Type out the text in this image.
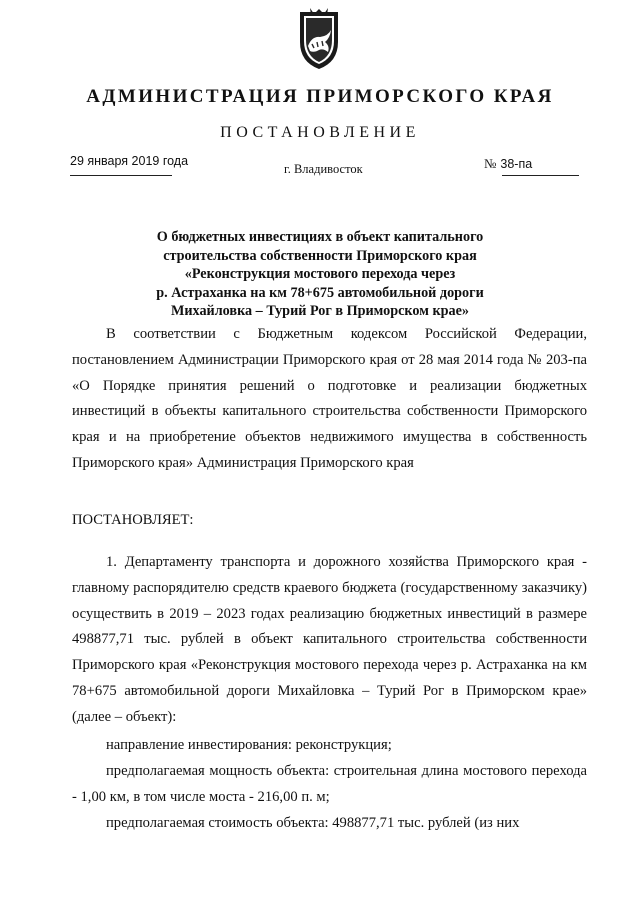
АДМИНИСТРАЦИЯ ПРИМОРСКОГО КРАЯ
ПОСТАНОВЛЕНИЕ
29 января 2019 года
г. Владивосток	№ 38-па
О бюджетных инвестициях в объект капитального
строительства собственности Приморского края
«Реконструкция мостового перехода через
р. Астраханка на км 78+675 автомобильной дороги
Михайловка – Турий Рог в Приморском крае»
В соответствии с Бюджетным кодексом Российской Федерации, постановлением Администрации Приморского края от 28 мая 2014 года № 203-па «О Порядке принятия решений о подготовке и реализации бюджетных инвестиций в объекты капитального строительства собственности Приморского края и на приобретение объектов недвижимого имущества в собственность Приморского края» Администрация Приморского края
ПОСТАНОВЛЯЕТ:
1. Департаменту транспорта и дорожного хозяйства Приморского края - главному распорядителю средств краевого бюджета (государственному заказчику) осуществить в 2019 – 2023 годах реализацию бюджетных инвестиций в размере 498877,71 тыс. рублей в объект капитального строительства собственности Приморского края «Реконструкция мостового перехода через р. Астраханка на км 78+675 автомобильной дороги Михайловка – Турий Рог в Приморском крае» (далее – объект):
направление инвестирования: реконструкция;
предполагаемая мощность объекта: строительная длина мостового перехода - 1,00 км, в том числе моста - 216,00 п. м;
предполагаемая стоимость объекта: 498877,71 тыс. рублей (из них
